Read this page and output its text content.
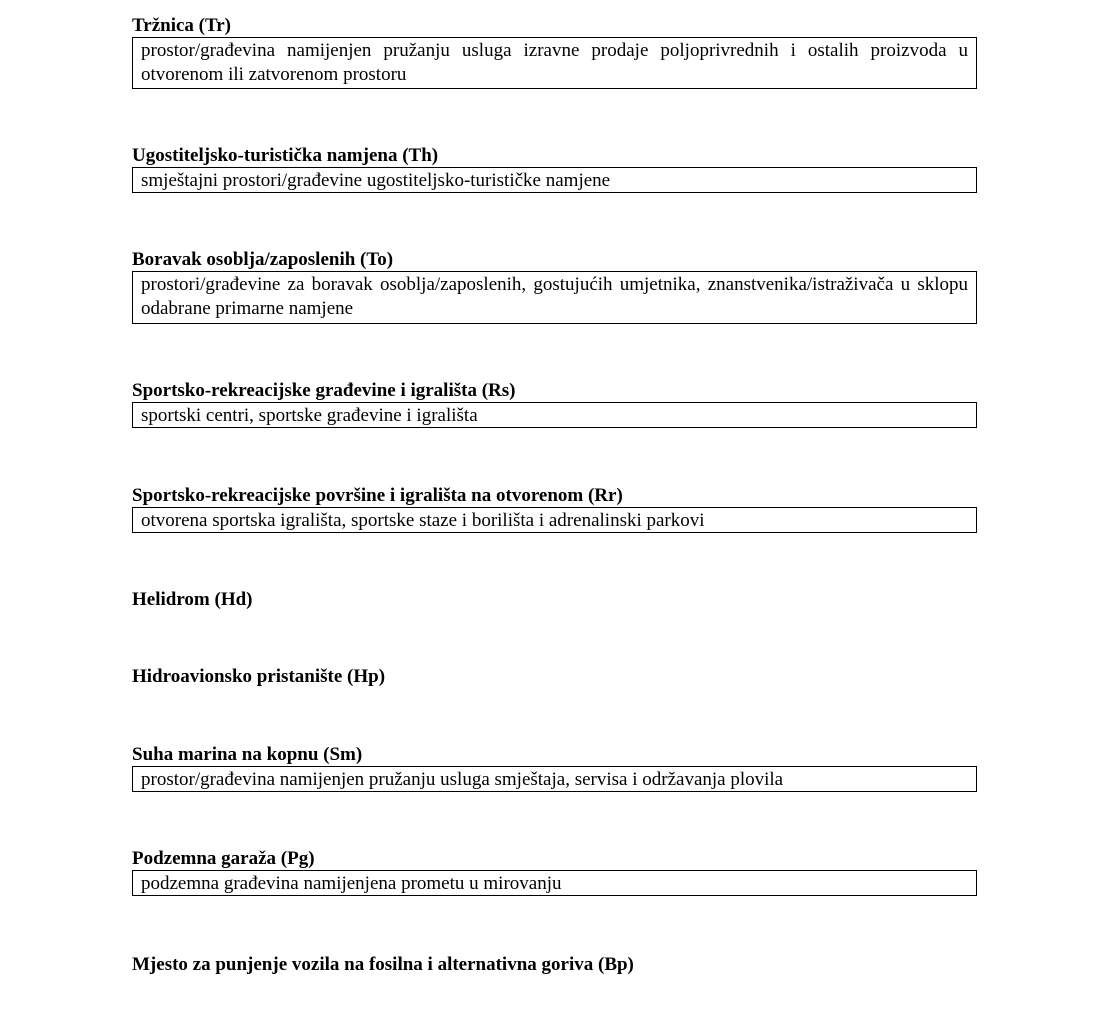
Tržnica (Tr)
prostor/građevina namijenjen pružanju usluga izravne prodaje poljoprivrednih i ostalih proizvoda u otvorenom ili zatvorenom prostoru
Ugostiteljsko-turistička namjena (Th)
smještajni prostori/građevine ugostiteljsko-turističke namjene
Boravak osoblja/zaposlenih (To)
prostori/građevine za boravak osoblja/zaposlenih, gostujućih umjetnika, znanstvenika/istraživača u sklopu odabrane primarne namjene
Sportsko-rekreacijske građevine i igrališta (Rs)
sportski centri, sportske građevine i igrališta
Sportsko-rekreacijske površine i igrališta na otvorenom (Rr)
otvorena sportska igrališta, sportske staze i borilišta i adrenalinski parkovi
Helidrom (Hd)
Hidroavionsko pristanište (Hp)
Suha marina na kopnu (Sm)
prostor/građevina namijenjen pružanju usluga smještaja, servisa i održavanja plovila
Podzemna garaža (Pg)
podzemna građevina namijenjena prometu u mirovanju
Mjesto za punjenje vozila na fosilna i alternativna goriva (Bp)
